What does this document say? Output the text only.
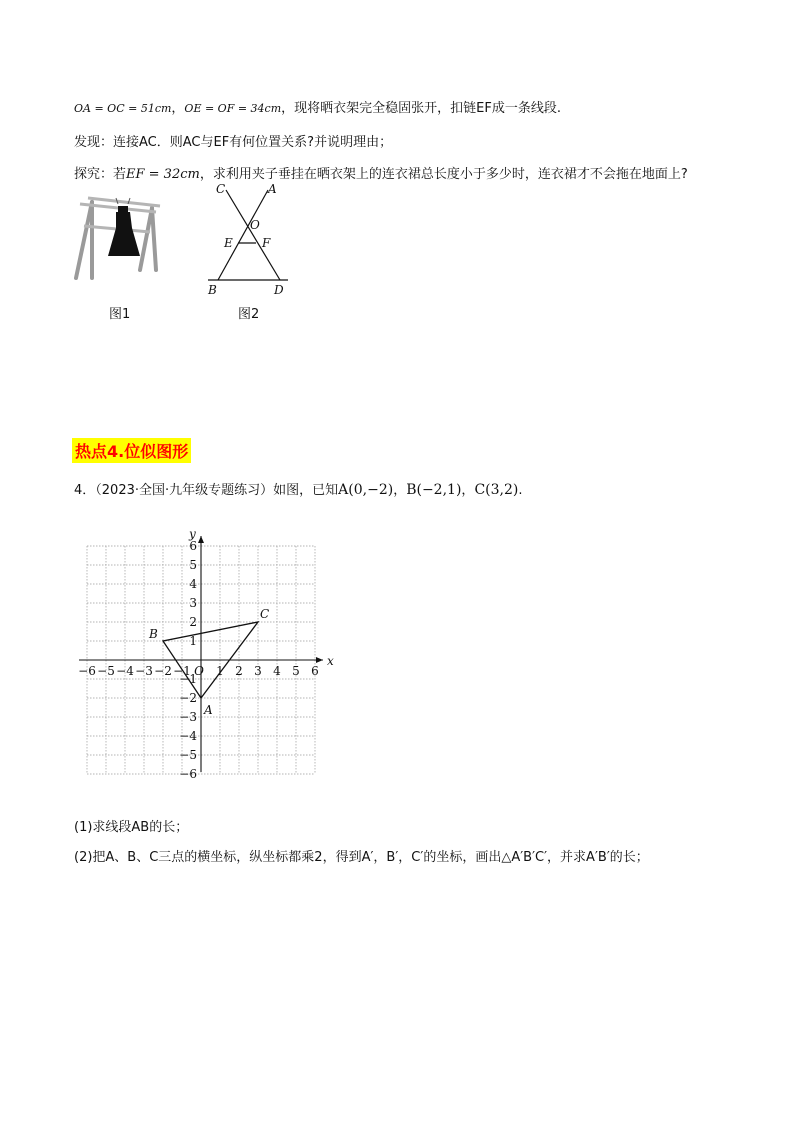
OA = OC = 51cm，OE = OF = 34cm，现将晒衣架完全稳固张开，扣链EF成一条线段.
发现：连接AC．则AC与EF有何位置关系?并说明理由；
探究：若EF = 32cm，求利用夹子垂挂在晒衣架上的连衣裙总长度小于多少时，连衣裙才不会拖在地面上?
图1
C	A
O
E F
B	D
图2
热点4.位似图形
4．（2023·全国·九年级专题练习）如图，已知A(0,−2)，B(−2,1)，C(3,2).
−6 −5 −4 −3 −2 −1 O 1 2 3 4 5 6
6
5
4
3
2
1
−1
−2
−3
−4
−5
−6
x
y
A
B
C
(1)求线段AB的长；
(2)把A、B、C三点的横坐标，纵坐标都乘2，得到A′，B′，C′的坐标，画出△A′B′C′，并求A′B′的长；
